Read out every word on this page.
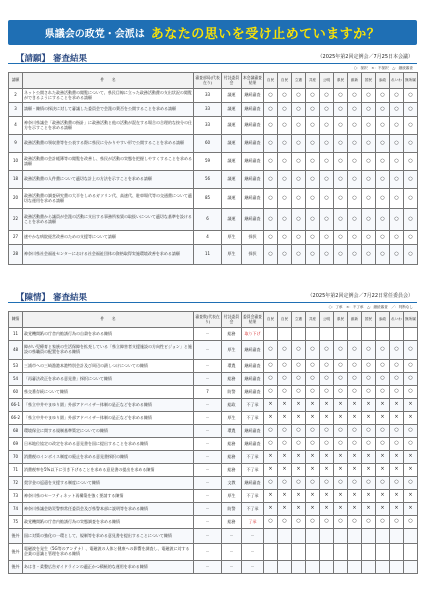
県議会の政党・会派は あなたの思いを受け止めていますか？
【請願】 審査結果	（2025年第2回定例会／7月25日本会議）
○：採択　×：不採択　△：継続審査
請願	件　　名	審査部局(代表在り)	付託委員会	本会議審査結果	自民	自民	立憲	共産	公明	県民	維新	国民	参政	れいわ	無所属
2	ネット公開された政務活動費の閲覧について、県民目線に立った政務活動費の支出状況の閲覧ができるようにすることを求める請願	33	議運	継続審査	○	○	○	○	○	○	○	○	○	○	○
3	請願・陳情の採決に対して審議した委員会で会派の賛否を公開することを求める請願	33	議運	継続審査	○	○	○	○	○	○	○	○	○	○	○
4	神奈川県議会「政務活動費の指針」に政務活動と他の活動が混在する場合の合理的な按分の仕方を示すことを求める請願	33	議運	継続審査	○	○	○	○	○	○	○	○	○	○	○
9	政務活動費の領収書等を公表する際に県民に分かりやすい形で公開することを求める請願	60	議運	継続審査	○	○	○	○	○	○	○	○	○	○	○
10	政務活動費の会計帳簿等の閲覧を改善し、県民が活動の実態を把握しやすくすることを求める請願	59	議運	継続審査	○	○	○	○	○	○	○	○	○	○	○
18	政務活動費の人件費について適切な計上の方法を示すことを求める請願	56	議運	継続審査	○	○	○	○	○	○	○	○	○	○	○
20	政務活動費の調査研究費の大半をしめるガソリン代、高速代、駐車場代等の交通費について適切な運用を求める請願	85	議運	継続審査	○	○	○	○	○	○	○	○	○	○	○
22	政務活動費から議員が会派の活動に支出する事務所家賃の取扱いについて適切な基準を設けることを求める請願	6	議運	継続審査	○	○	○	○	○	○	○	○	○	○	○
27	速やかな病院経営改善のための支援等について請願	4	厚生	採択	○	○	○	○	○	○	○	○	○	○	○
28	神奈川県社会福祉センターにおける社会福祉団体の資格取得実施環境改善を求める請願	11	厚生	採択	○	○	○	○	○	○	○	○	○	○	○
【陳情】 審査結果	（2025年第2回定例会／7月22日常任委員会）
○：了承　×：不了承　△：継続審査　／：判断なし
陳情	件　　名	審査数(代表在り)	付託委員会	委員会審査結果	自民	自民	立憲	共産	公明	県民	維新	国民	参政	れいわ	無所属
11	政党機関紙の庁舎内勧誘行為の自粛を求める陳情	－	総務	取り下げ											
48	障がい児療育と家族の生活保障を拡充している「県立障害者支援施設の方向性ビジョン」と施設の県職員の配置を求める陳情	－	厚生	継続審査	○	○	○	○	○	○	○	○	○	○	○
53	三浦市への三崎漁港本港特別会計及び周辺の鎖しつけについての陳情	－	環農	継続審査	○	○	○	○	○	○	○	○	○	○	○
54	「再審法改正を求める意見書」採択について陳情	－	総務	継続審査	○	○	○	○	○	○	○	○	○	○	○
60	県交番存続について陳情	7	防警	継続審査	○	○	○	○	○	○	○	○	○	○	○
66-1	「県立中井やまゆり園」外部アドバイザー体制の是正などを求める陳情	－	総政	不了承	×	×	×	×	×	×	×	×	×	×	×
66-2	「県立中井やまゆり園」外部アドバイザー体制の是正などを求める陳情	－	厚生	不了承	×	×	×	×	×	×	×	×	×	×	×
68	環境保全に関する規制基準策定についての陳情	－	環農	継続審査	○	○	○	○	○	○	○	○	○	○	○
69	日米地位協定の改定を求める意見書を国に提出することを求める陳情	－	総務	継続審査	○	○	○	○	○	○	○	○	○	○	○
70	消費税のインボイス制度の廃止を求める意見書採択の陳情	－	総務	不了承	×	×	×	×	×	×	×	×	×	×	×
71	消費税率を5%以下に引き下げることを求める意見書の提出を求める陳情	－	総務	不了承	×	×	×	×	×	×	×	×	×	×	×
72	奨学金の返還を支援する制度について陳情	－	文教	継続審査	○	○	○	○	○	○	○	○	○	○	○
73	神奈川県のセーフティネット再構築を強く要請する陳情	－	厚生	不了承	×	×	×	×	×	×	×	×	×	×	×
74	神奈川県議会防災警察常任委員会及び県警本部に説明等を求める陳情	－	防警	不了承	×	×	×	×	×	×	×	×	×	×	×
75	政党機関紙の庁舎内勧誘行為の実態調査を求める陳情	－	総務	了承	○	○	○	○	○	○	○	○	○	○	○
後外	国に対策の強化の一環として、規制等を求める意見書を提出することについて陳情	－	－	－											
後外	電磁波を発生（5G等のアンテナ）、電磁波の人体と健康への影響を調査し、電磁波に対する企業の意識と管理を求める陳情	－	－	－											
後外	あはき・柔整広告ガイドラインの適正かつ積極的な運用を求める陳情	－	－	－											
